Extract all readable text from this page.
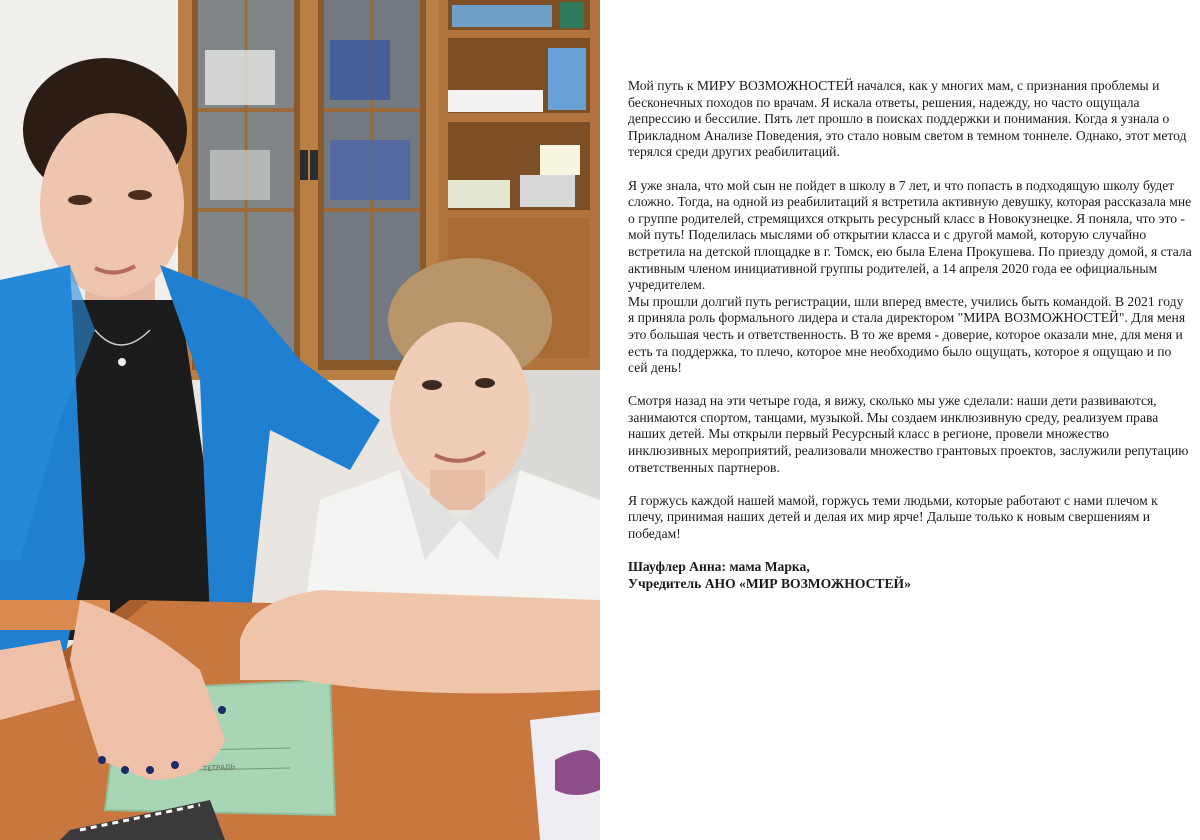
ТЕТРАДЬ

Мой путь к МИРУ ВОЗМОЖНОСТЕЙ начался, как у многих мам, с признания проблемы и бесконечных походов по врачам. Я искала ответы, решения, надежду, но часто ощущала депрессию и бессилие. Пять лет прошло в поисках поддержки и понимания. Когда я узнала о Прикладном Анализе Поведения, это стало новым светом в темном тоннеле. Однако, этот метод терялся среди других реабилитаций.

Я уже знала, что мой сын не пойдет в школу в 7 лет, и что попасть в подходящую школу будет сложно. Тогда, на одной из реабилитаций я встретила активную девушку, которая рассказала мне о группе родителей, стремящихся открыть ресурсный класс в Новокузнецке. Я поняла, что это - мой путь! Поделилась мыслями об открытии класса и с другой мамой, которую случайно встретила на детской площадке в г. Томск, ею была Елена Прокушева. По приезду домой, я стала активным членом инициативной группы родителей, а 14 апреля 2020 года ее официальным учредителем.
Мы прошли долгий путь регистрации, шли вперед вместе, учились быть командой. В 2021 году я приняла роль формального лидера и стала директором "МИРА ВОЗМОЖНОСТЕЙ". Для меня это большая честь и ответственность. В то же время - доверие, которое оказали мне, для меня и есть та поддержка, то плечо, которое мне необходимо было ощущать, которое я ощущаю и по сей день!

Смотря назад на эти четыре года, я вижу, сколько мы уже сделали: наши дети развиваются, занимаются спортом, танцами, музыкой. Мы создаем инклюзивную среду, реализуем права наших детей. Мы открыли первый Ресурсный класс в регионе, провели множество инклюзивных мероприятий, реализовали множество грантовых проектов, заслужили репутацию ответственных партнеров.

Я горжусь каждой нашей мамой, горжусь теми людьми, которые работают с нами плечом к плечу, принимая наших детей и делая их мир ярче! Дальше только к новым свершениям и победам!

Шауфлер Анна: мама Марка,
Учредитель АНО «МИР ВОЗМОЖНОСТЕЙ»
